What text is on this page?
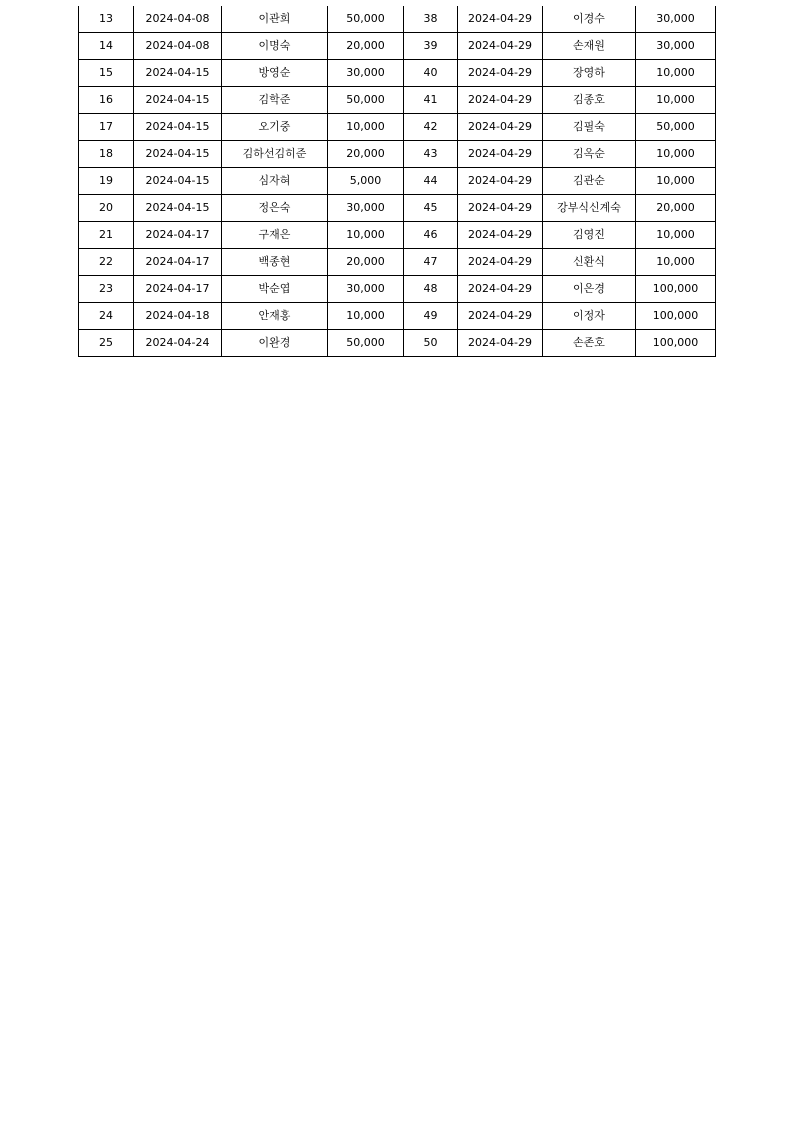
13	2024-04-08	이관희	50,000	38	2024-04-29	이경수	30,000
14	2024-04-08	이명숙	20,000	39	2024-04-29	손재원	30,000
15	2024-04-15	방영순	30,000	40	2024-04-29	장영하	10,000
16	2024-04-15	김학준	50,000	41	2024-04-29	김종호	10,000
17	2024-04-15	오기중	10,000	42	2024-04-29	김필숙	50,000
18	2024-04-15	김하선김히준	20,000	43	2024-04-29	김옥순	10,000
19	2024-04-15	심자혀	5,000	44	2024-04-29	김관순	10,000
20	2024-04-15	정은숙	30,000	45	2024-04-29	강부식신계숙	20,000
21	2024-04-17	구재은	10,000	46	2024-04-29	김영진	10,000
22	2024-04-17	백종현	20,000	47	2024-04-29	신환식	10,000
23	2024-04-17	박순엽	30,000	48	2024-04-29	이은경	100,000
24	2024-04-18	안재홍	10,000	49	2024-04-29	이정자	100,000
25	2024-04-24	이완경	50,000	50	2024-04-29	손존호	100,000
